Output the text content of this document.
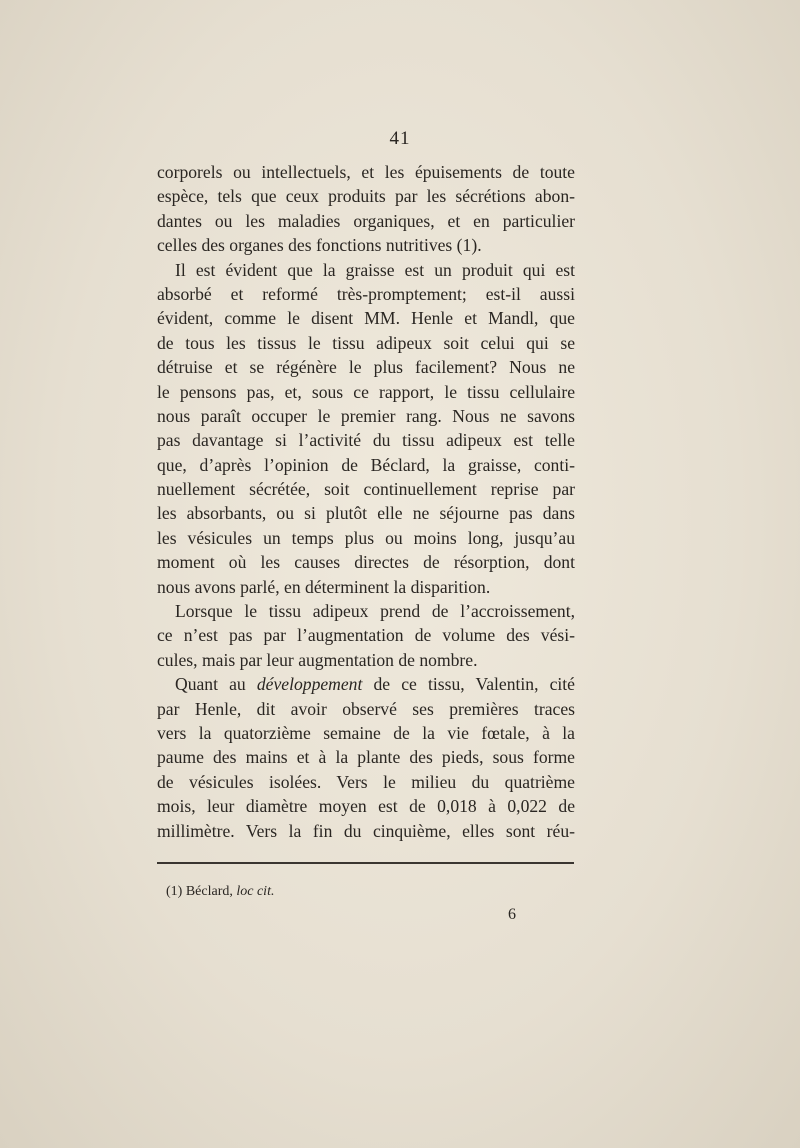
41
corporels ou intellectuels, et les épuisements de toute
espèce, tels que ceux produits par les sécrétions abon-
dantes ou les maladies organiques, et en particulier
celles des organes des fonctions nutritives (1).
Il est évident que la graisse est un produit qui est
absorbé et reformé très-promptement; est-il aussi
évident, comme le disent MM. Henle et Mandl, que
de tous les tissus le tissu adipeux soit celui qui se
détruise et se régénère le plus facilement? Nous ne
le pensons pas, et, sous ce rapport, le tissu cellulaire
nous paraît occuper le premier rang. Nous ne savons
pas davantage si l’activité du tissu adipeux est telle
que, d’après l’opinion de Béclard, la graisse, conti-
nuellement sécrétée, soit continuellement reprise par
les absorbants, ou si plutôt elle ne séjourne pas dans
les vésicules un temps plus ou moins long, jusqu’au
moment où les causes directes de résorption, dont
nous avons parlé, en déterminent la disparition.
Lorsque le tissu adipeux prend de l’accroissement,
ce n’est pas par l’augmentation de volume des vési-
cules, mais par leur augmentation de nombre.
Quant au développement de ce tissu, Valentin, cité
par Henle, dit avoir observé ses premières traces
vers la quatorzième semaine de la vie fœtale, à la
paume des mains et à la plante des pieds, sous forme
de vésicules isolées. Vers le milieu du quatrième
mois, leur diamètre moyen est de 0,018 à 0,022 de
millimètre. Vers la fin du cinquième, elles sont réu-
(1) Béclard, loc cit.
6
